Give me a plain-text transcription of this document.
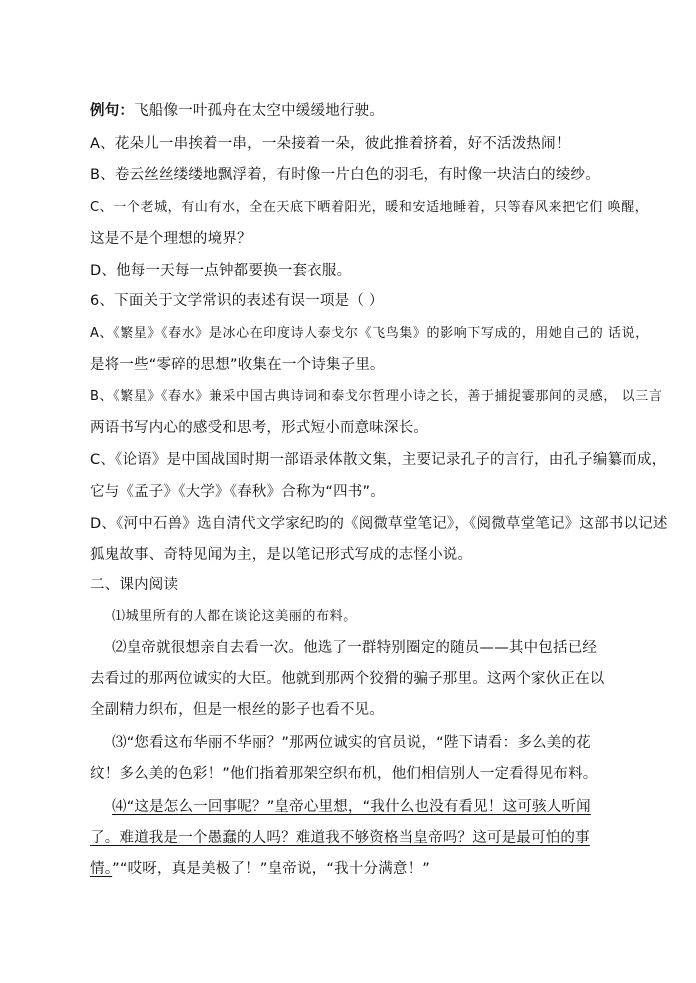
例句：飞船像一叶孤舟在太空中缓缓地行驶。
A、花朵儿一串挨着一串，一朵接着一朵，彼此推着挤着，好不活泼热闹！
B、卷云丝丝缕缕地飘浮着，有时像一片白色的羽毛，有时像一块洁白的绫纱。
C、一个老城，有山有水，全在天底下晒着阳光，暖和安适地睡着，只等春风来把它们 唤醒，
这是不是个理想的境界？
D、他每一天每一点钟都要换一套衣服。
6、下面关于文学常识的表述有误一项是（ ）
A、《繁星》《春水》是冰心在印度诗人泰戈尔《飞鸟集》的影响下写成的，用她自己的 话说，
是将一些“零碎的思想”收集在一个诗集子里。
B、《繁星》《春水》兼采中国古典诗词和泰戈尔哲理小诗之长，善于捕捉霎那间的灵感， 以三言
两语书写内心的感受和思考，形式短小而意味深长。
C、《论语》是中国战国时期一部语录体散文集，主要记录孔子的言行，由孔子编纂而成，
它与《孟子》《大学》《春秋》合称为“四书”。
D、《河中石兽》选自清代文学家纪昀的《阅微草堂笔记》，《阅微草堂笔记》这部书以记述
狐鬼故事、奇特见闻为主，是以笔记形式写成的志怪小说。
二、课内阅读
⑴城里所有的人都在谈论这美丽的布料。
⑵皇帝就很想亲自去看一次。他选了一群特别圈定的随员——其中包括已经
去看过的那两位诚实的大臣。他就到那两个狡猾的骗子那里。这两个家伙正在以
全副精力织布，但是一根丝的影子也看不见。
⑶“您看这布华丽不华丽？”那两位诚实的官员说，“陛下请看：多么美的花
纹！多么美的色彩！”他们指着那架空织布机，他们相信别人一定看得见布料。
⑷“这是怎么一回事呢？”皇帝心里想，“我什么也没有看见！这可骇人听闻
了。难道我是一个愚蠢的人吗？难道我不够资格当皇帝吗？这可是最可怕的事
情。”“哎呀，真是美极了！”皇帝说，“我十分满意！”
